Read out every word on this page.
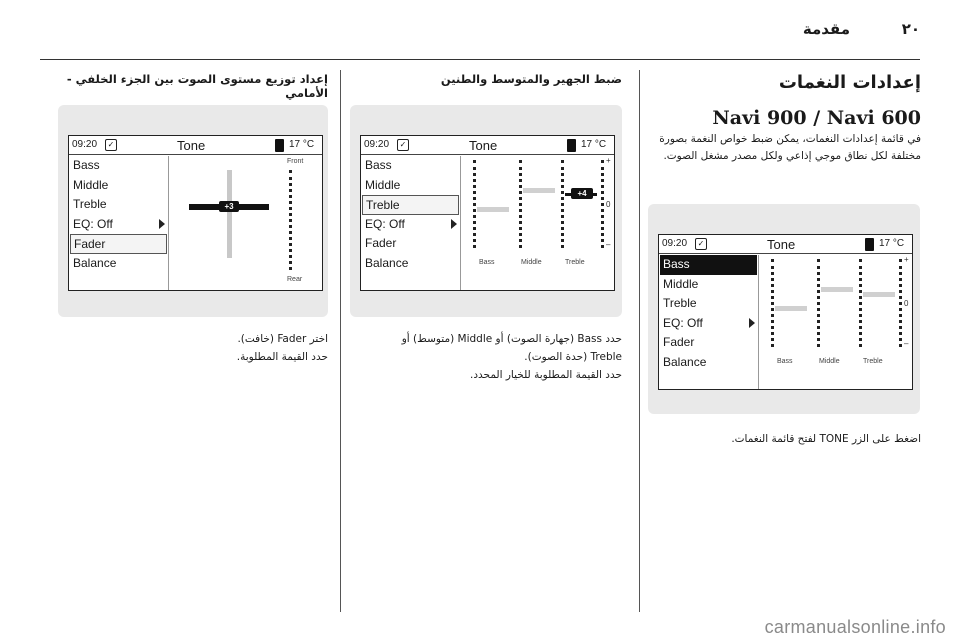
٢٠
مقدمة
إعدادات النغمات
Navi 900 / Navi 600
في قائمة إعدادات النغمات، يمكن ضبط خواص النغمة بصورة مختلفة لكل نطاق موجي إذاعي ولكل مصدر مشغل الصوت.
09:20	✓	Tone	17 °C
Bass
Middle
Treble
EQ: Off
Fader
Balance
+
0
–
Bass	Middle	Treble
اضغط على الزر TONE لفتح قائمة النغمات.
ضبط الجهير والمتوسط والطنين
09:20	✓	Tone	17 °C
Bass
Middle
Treble
EQ: Off
Fader
Balance
+4
+
0
–
Bass	Middle	Treble
حدد Bass (جهارة الصوت) أو Middle (متوسط) أو
Treble (حدة الصوت).
حدد القيمة المطلوبة للخيار المحدد.
إعداد توزيع مستوى الصوت بين الجزء الخلفي - الأمامي
09:20	✓	Tone	17 °C
Bass
Middle
Treble
EQ: Off
Fader
Balance
+3
Front
Rear
اختر Fader (خافت).
حدد القيمة المطلوبة.
carmanualsonline.info
